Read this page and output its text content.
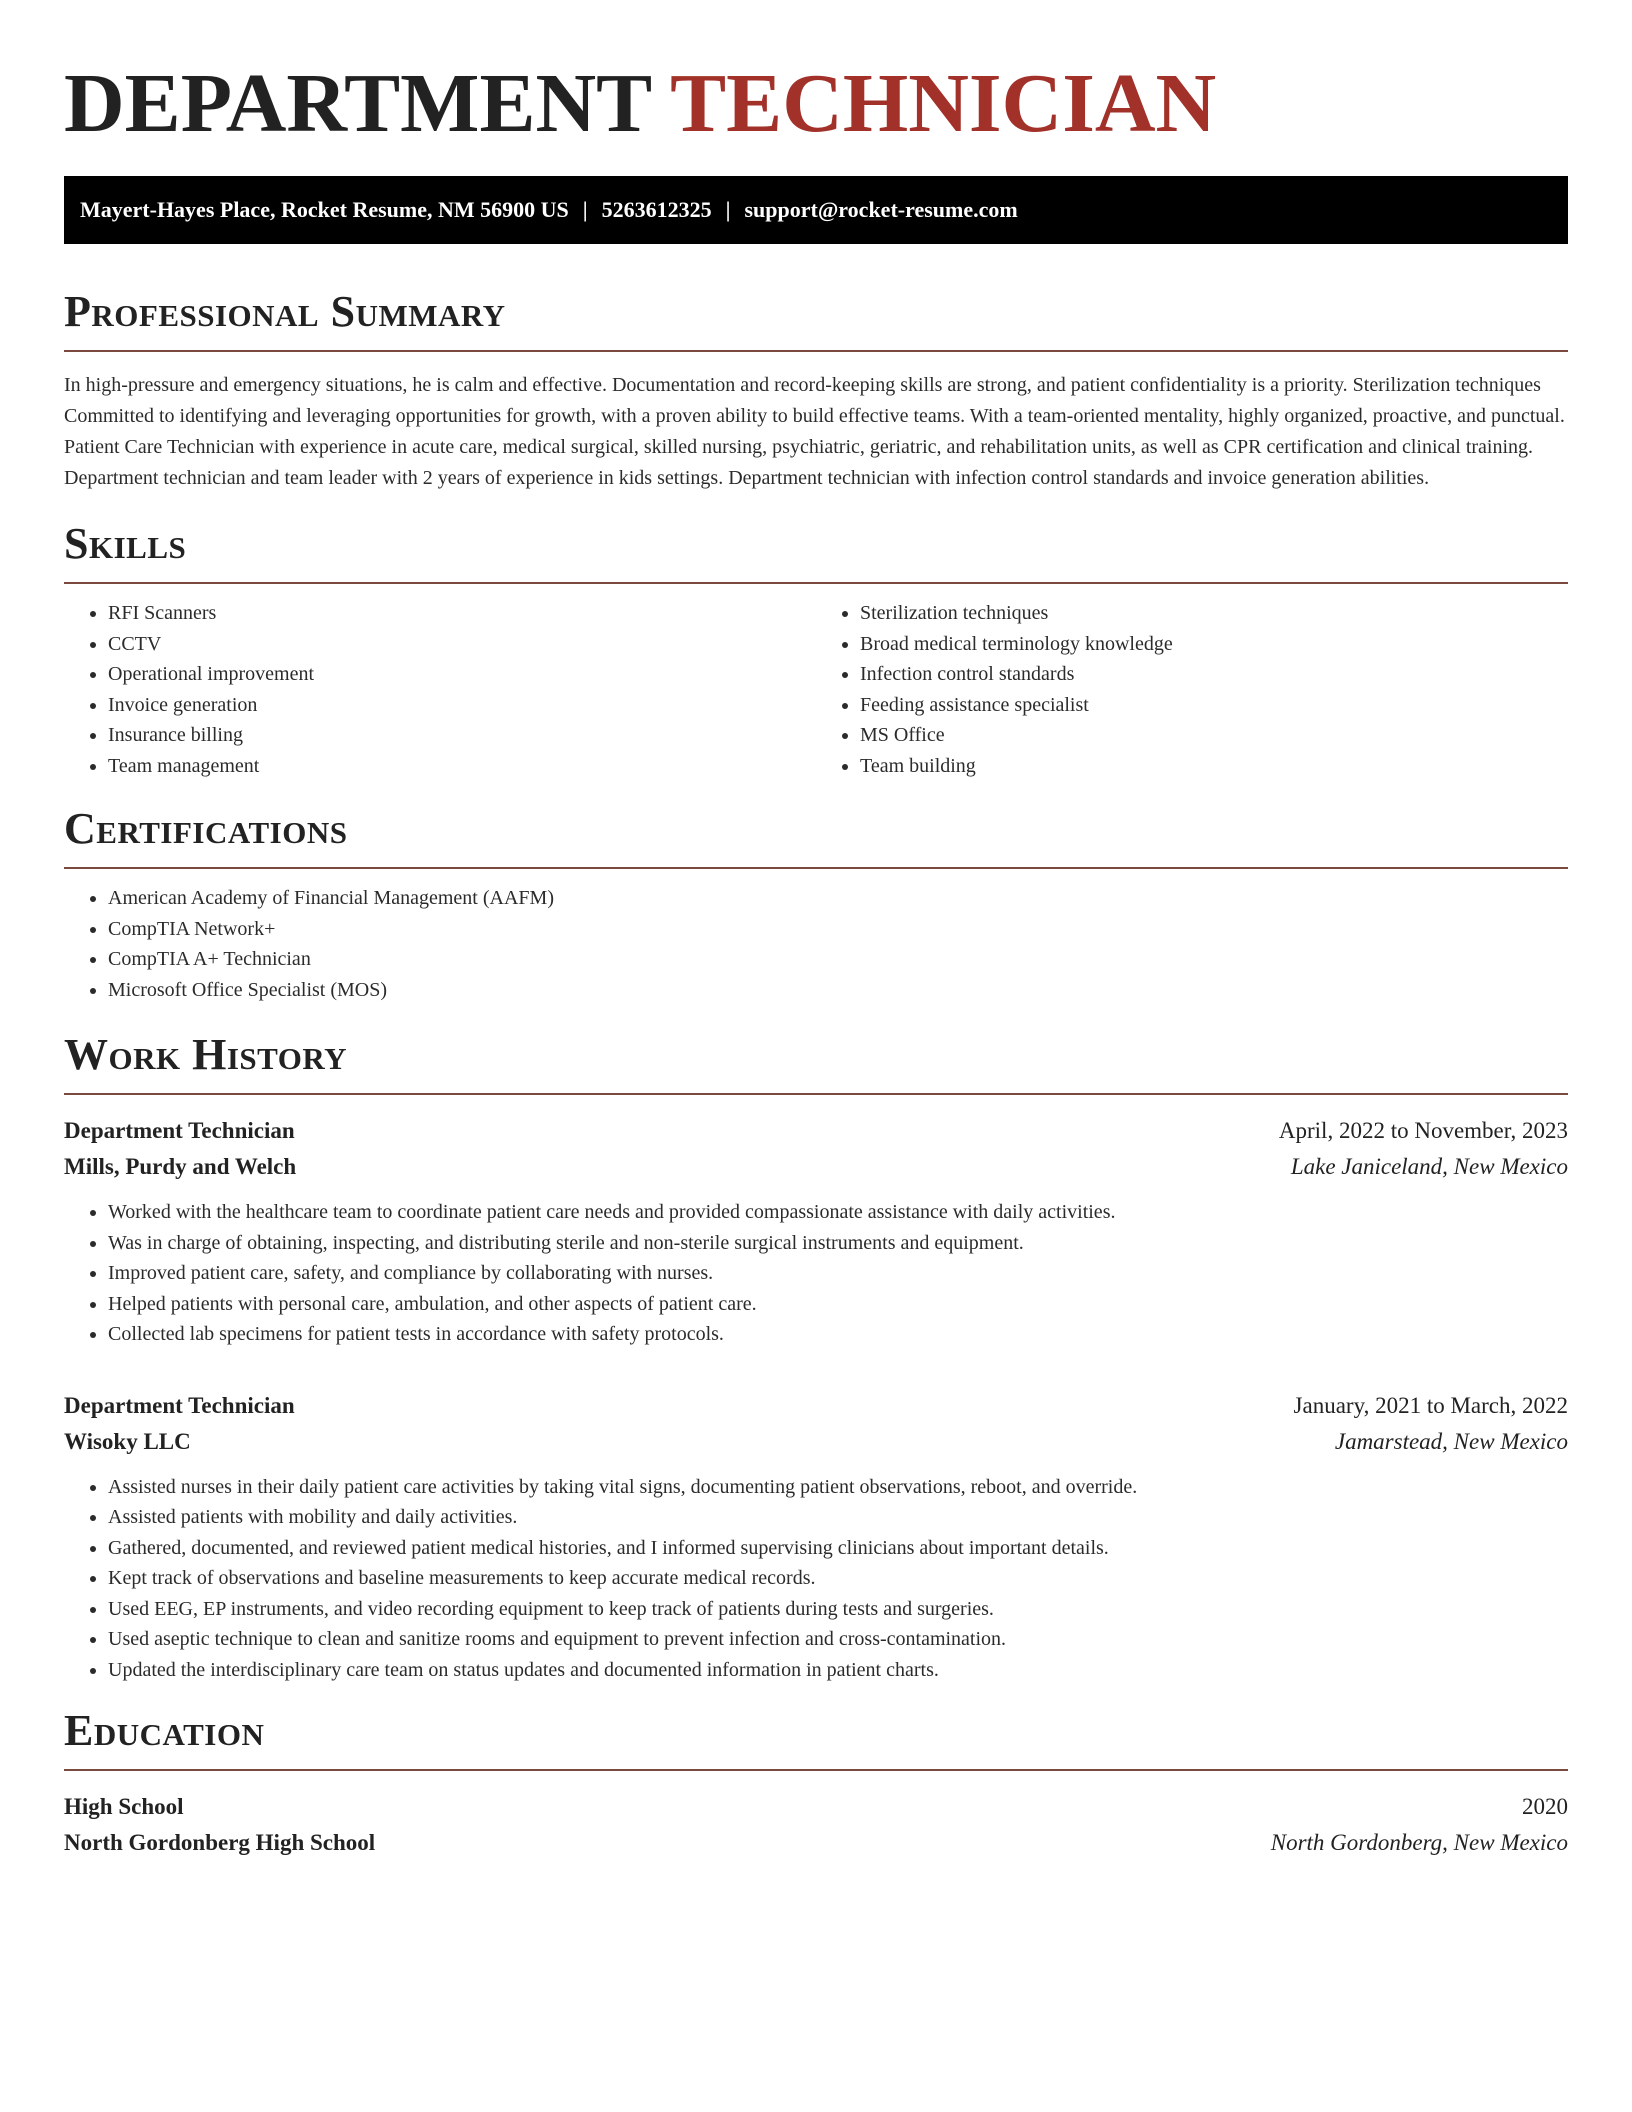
DEPARTMENT TECHNICIAN
Mayert-Hayes Place, Rocket Resume, NM 56900 US | 5263612325 | support@rocket-resume.com
Professional Summary

In high-pressure and emergency situations, he is calm and effective. Documentation and record-keeping skills are strong, and patient confidentiality is a priority. Sterilization techniques Committed to identifying and leveraging opportunities for growth, with a proven ability to build effective teams. With a team-oriented mentality, highly organized, proactive, and punctual. Patient Care Technician with experience in acute care, medical surgical, skilled nursing, psychiatric, geriatric, and rehabilitation units, as well as CPR certification and clinical training. Department technician and team leader with 2 years of experience in kids settings. Department technician with infection control standards and invoice generation abilities.

Skills
• RFI Scanners
• CCTV
• Operational improvement
• Invoice generation
• Insurance billing
• Team management
• Sterilization techniques
• Broad medical terminology knowledge
• Infection control standards
• Feeding assistance specialist
• MS Office
• Team building
Certifications
• American Academy of Financial Management (AAFM)
• CompTIA Network+
• CompTIA A+ Technician
• Microsoft Office Specialist (MOS)
Work History
Department Technician	April, 2022 to November, 2023
Mills, Purdy and Welch	Lake Janiceland, New Mexico
• Worked with the healthcare team to coordinate patient care needs and provided compassionate assistance with daily activities.
• Was in charge of obtaining, inspecting, and distributing sterile and non-sterile surgical instruments and equipment.
• Improved patient care, safety, and compliance by collaborating with nurses.
• Helped patients with personal care, ambulation, and other aspects of patient care.
• Collected lab specimens for patient tests in accordance with safety protocols.
Department Technician	January, 2021 to March, 2022
Wisoky LLC	Jamarstead, New Mexico
• Assisted nurses in their daily patient care activities by taking vital signs, documenting patient observations, reboot, and override.
• Assisted patients with mobility and daily activities.
• Gathered, documented, and reviewed patient medical histories, and I informed supervising clinicians about important details.
• Kept track of observations and baseline measurements to keep accurate medical records.
• Used EEG, EP instruments, and video recording equipment to keep track of patients during tests and surgeries.
• Used aseptic technique to clean and sanitize rooms and equipment to prevent infection and cross-contamination.
• Updated the interdisciplinary care team on status updates and documented information in patient charts.
Education
High School	2020
North Gordonberg High School	North Gordonberg, New Mexico
